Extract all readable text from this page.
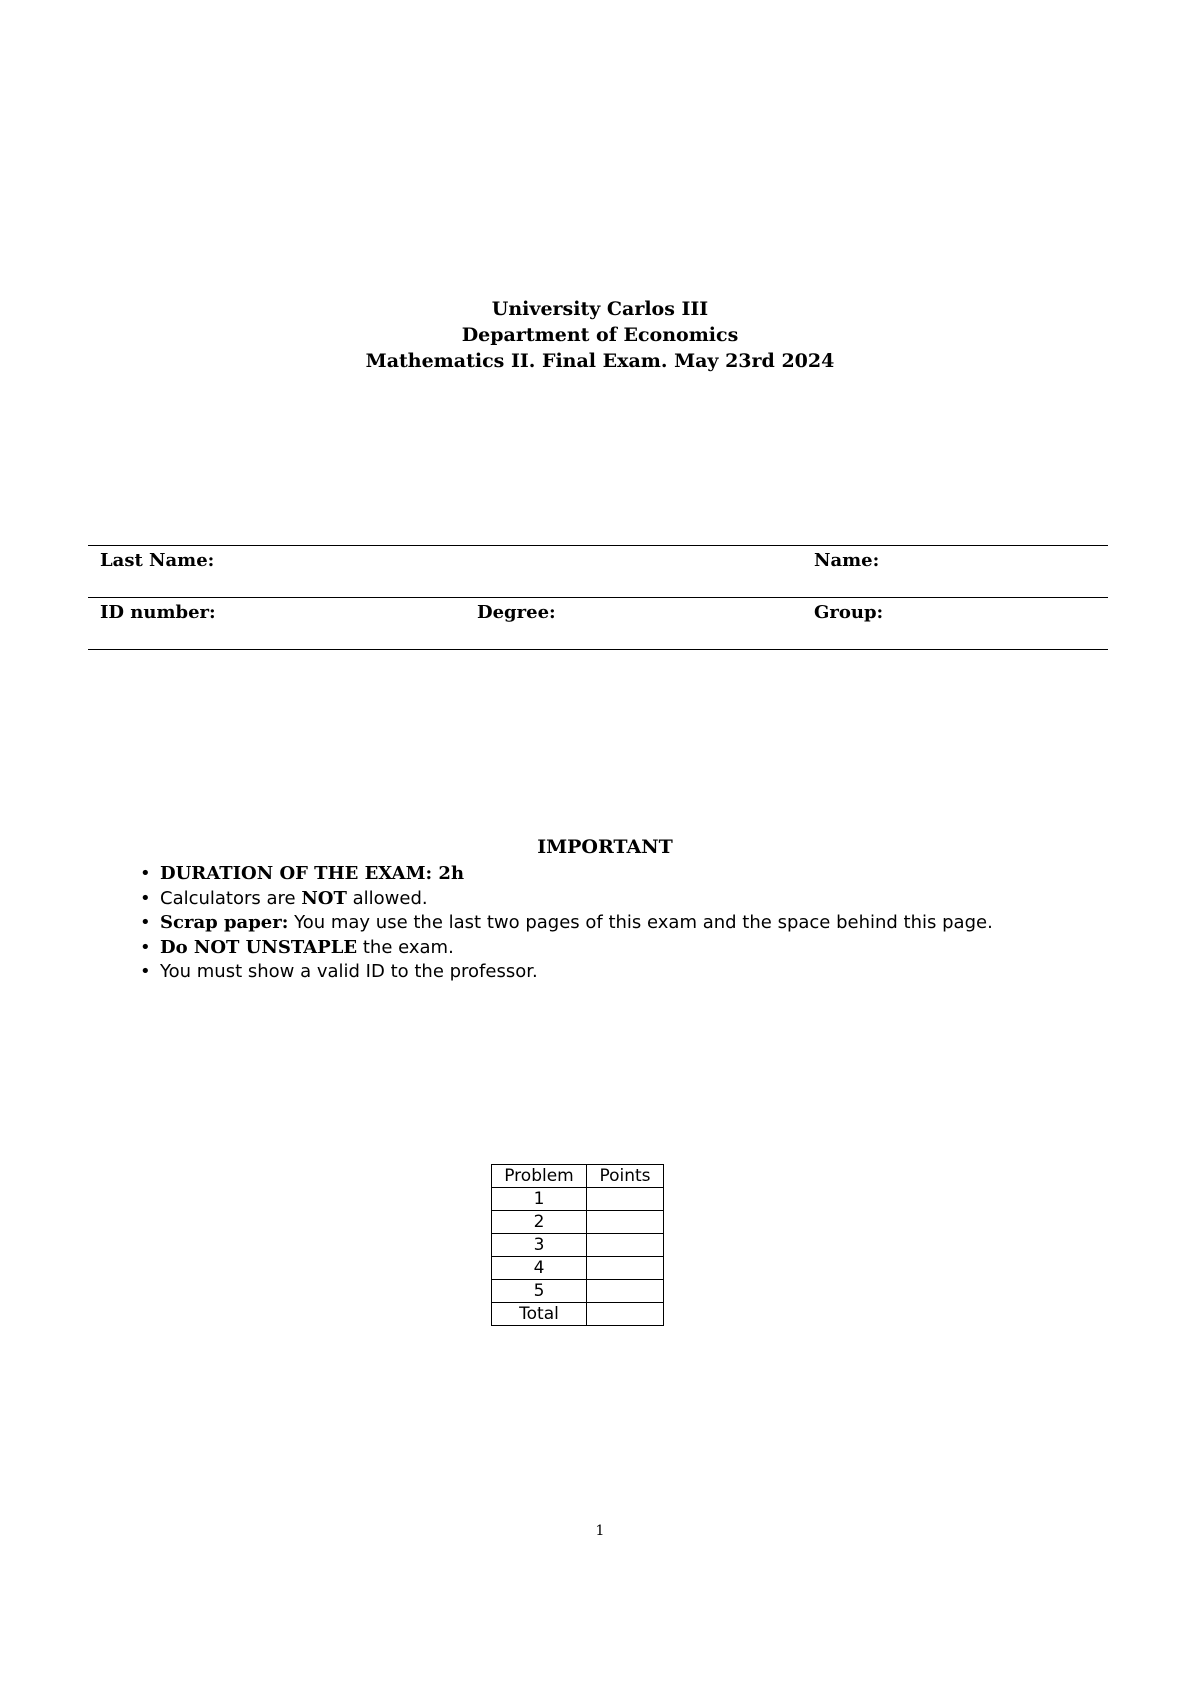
University Carlos III
Department of Economics
Mathematics II. Final Exam. May 23rd 2024
Last Name:		Name:
ID number:	Degree:	Group:
IMPORTANT
• DURATION OF THE EXAM: 2h
• Calculators are NOT allowed.
• Scrap paper: You may use the last two pages of this exam and the space behind this page.
• Do NOT UNSTAPLE the exam.
• You must show a valid ID to the professor.
Problem	Points
1	
2	
3	
4	
5	
Total	
1
